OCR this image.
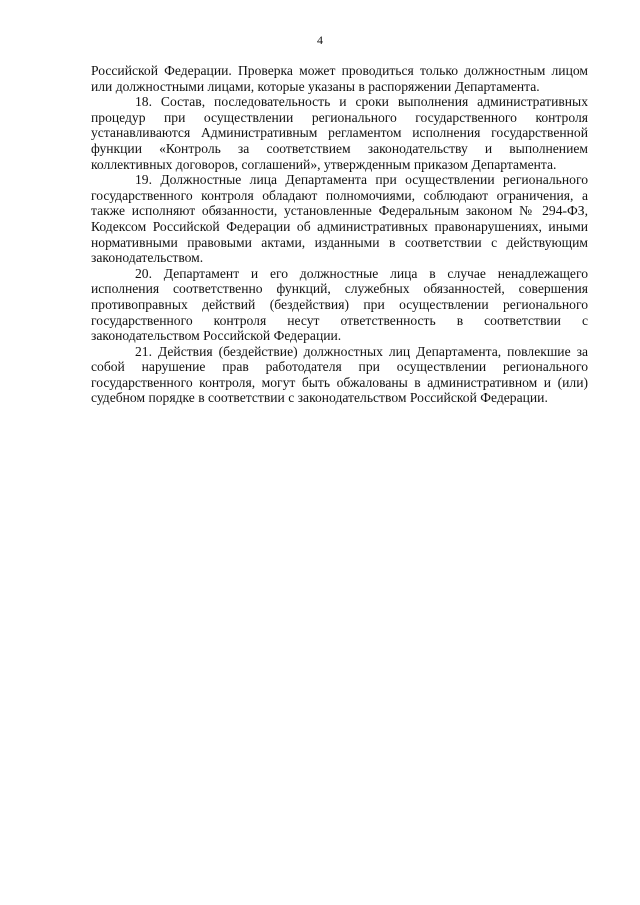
4

Российской Федерации. Проверка может проводиться только должностным лицом или должностными лицами, которые указаны в распоряжении Департамента.

18. Состав, последовательность и сроки выполнения административных процедур при осуществлении регионального государственного контроля устанавливаются Административным регламентом исполнения государственной функции «Контроль за соответствием законодательству и выполнением коллективных договоров, соглашений», утвержденным приказом Департамента.

19. Должностные лица Департамента при осуществлении регионального государственного контроля обладают полномочиями, соблюдают ограничения, а также исполняют обязанности, установленные Федеральным законом № 294-ФЗ, Кодексом Российской Федерации об административных правонарушениях, иными нормативными правовыми актами, изданными в соответствии с действующим законодательством.

20. Департамент и его должностные лица в случае ненадлежащего исполнения соответственно функций, служебных обязанностей, совершения противоправных действий (бездействия) при осуществлении регионального государственного контроля несут ответственность в соответствии с законодательством Российской Федерации.

21. Действия (бездействие) должностных лиц Департамента, повлекшие за собой нарушение прав работодателя при осуществлении регионального государственного контроля, могут быть обжалованы в административном и (или) судебном порядке в соответствии с законодательством Российской Федерации.
